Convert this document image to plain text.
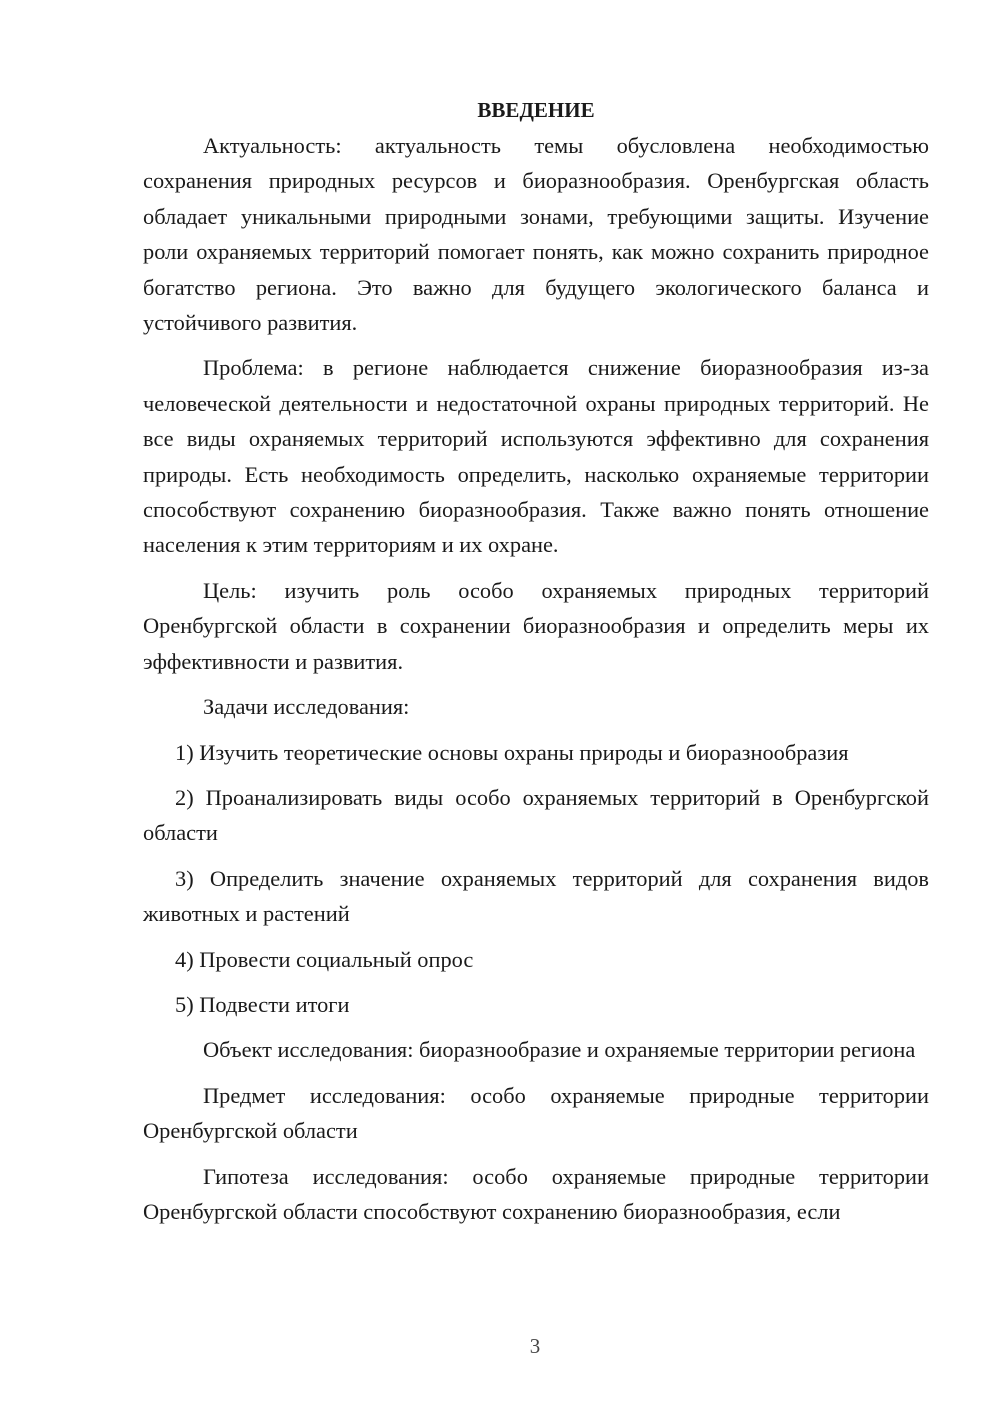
ВВЕДЕНИЕ

Актуальность: актуальность темы обусловлена необходимостью сохранения природных ресурсов и биоразнообразия. Оренбургская область обладает уникальными природными зонами, требующими защиты. Изучение роли охраняемых территорий помогает понять, как можно сохранить природное богатство региона. Это важно для будущего экологического баланса и устойчивого развития.

Проблема: в регионе наблюдается снижение биоразнообразия из-за человеческой деятельности и недостаточной охраны природных территорий. Не все виды охраняемых территорий используются эффективно для сохранения природы. Есть необходимость определить, насколько охраняемые территории способствуют сохранению биоразнообразия. Также важно понять отношение населения к этим территориям и их охране.

Цель: изучить роль особо охраняемых природных территорий Оренбургской области в сохранении биоразнообразия и определить меры их эффективности и развития.

Задачи исследования:

1) Изучить теоретические основы охраны природы и биоразнообразия

2) Проанализировать виды особо охраняемых территорий в Оренбургской области

3) Определить значение охраняемых территорий для сохранения видов животных и растений

4) Провести социальный опрос

5) Подвести итоги

Объект исследования: биоразнообразие и охраняемые территории региона

Предмет исследования: особо охраняемые природные территории Оренбургской области

Гипотеза исследования: особо охраняемые природные территории Оренбургской области способствуют сохранению биоразнообразия, если

3
